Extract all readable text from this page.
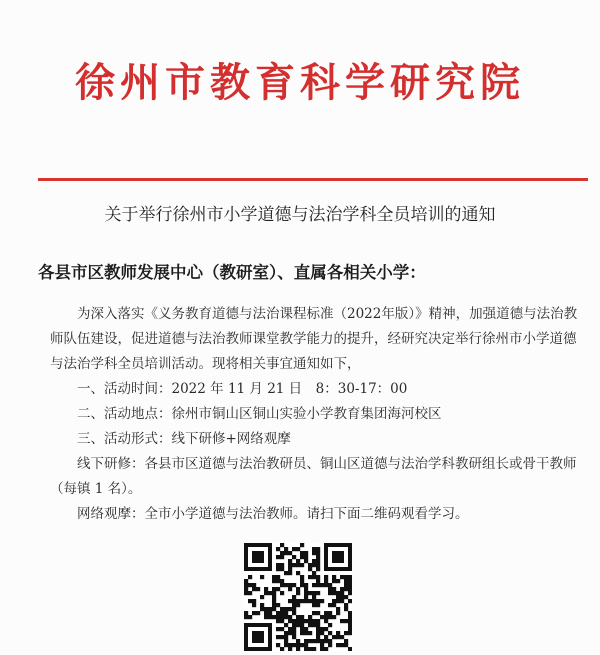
徐州市教育科学研究院
关于举行徐州市小学道德与法治学科全员培训的通知
各县市区教师发展中心（教研室）、直属各相关小学：

为深入落实《义务教育道德与法治课程标准（2022年版）》精神，加强道德与法治教师队伍建设，促进道德与法治教师课堂教学能力的提升，经研究决定举行徐州市小学道德与法治学科全员培训活动。现将相关事宜通知如下，

一、活动时间：2022 年 11 月 21 日　8：30-17：00

二、活动地点：徐州市铜山区铜山实验小学教育集团海河校区

三、活动形式：线下研修+网络观摩

线下研修：各县市区道德与法治教研员、铜山区道德与法治学科教研组长或骨干教师（每镇 1 名）。

网络观摩：全市小学道德与法治教师。请扫下面二维码观看学习。
